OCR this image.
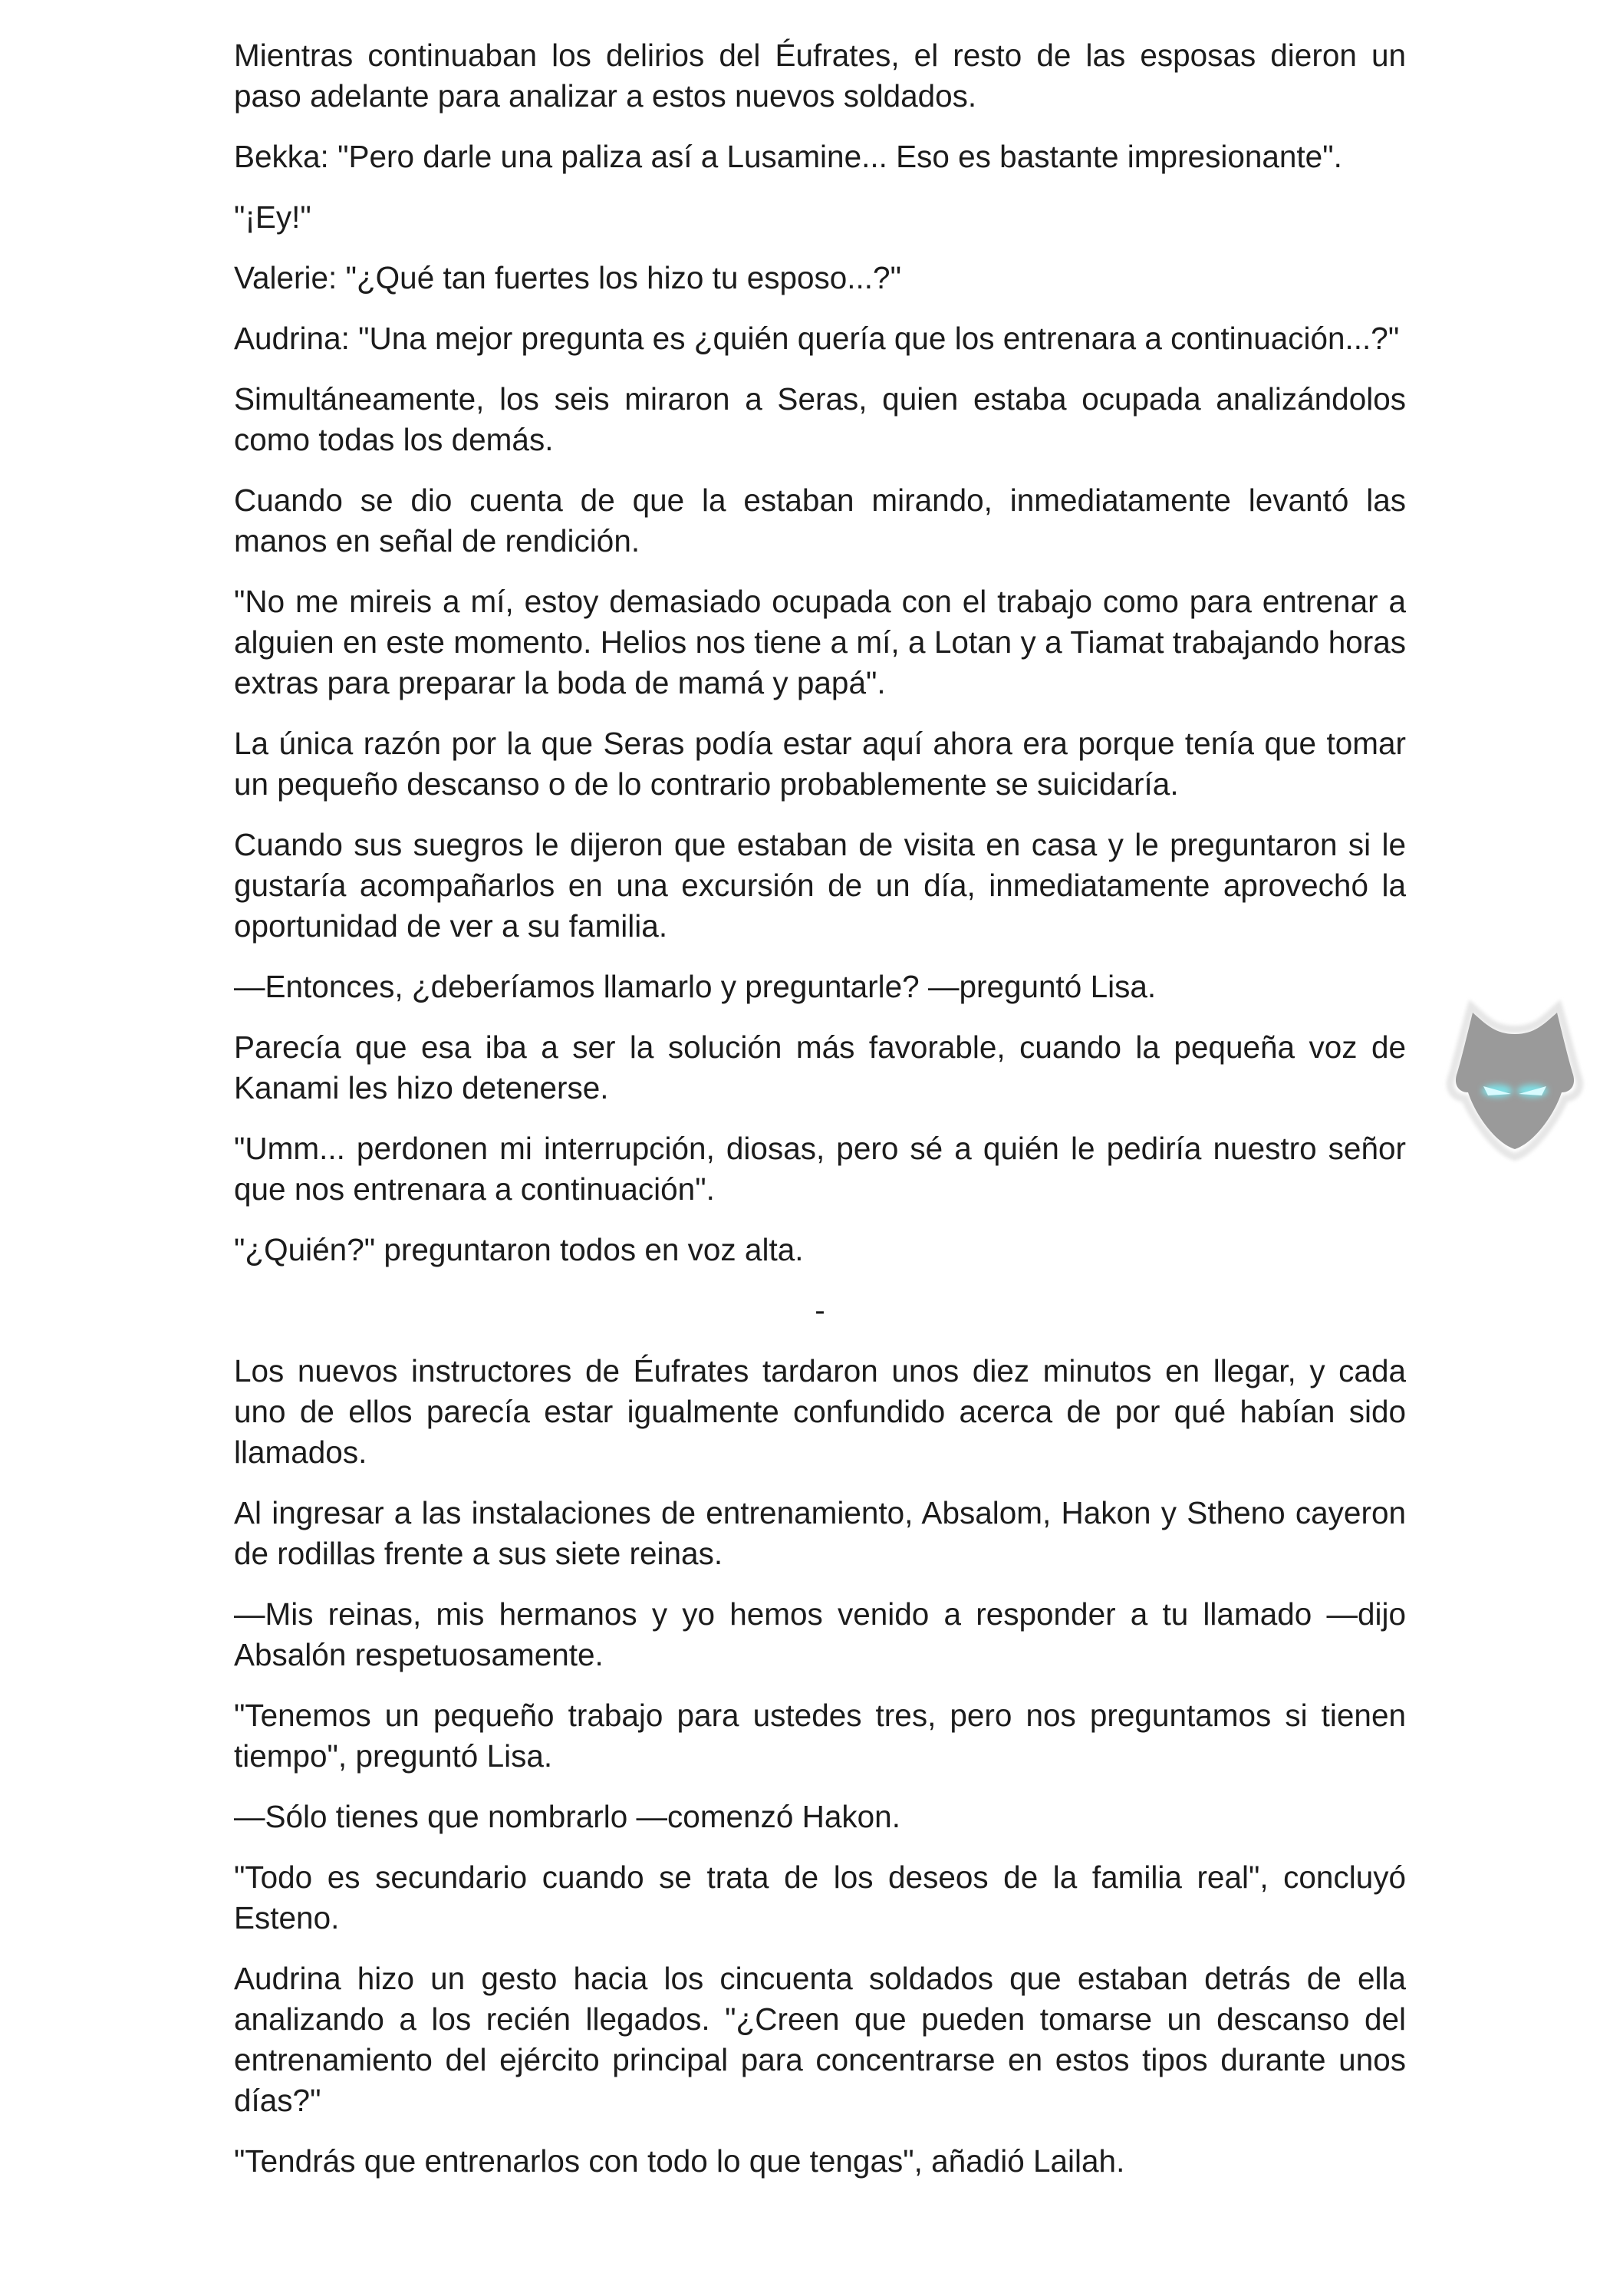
Mientras continuaban los delirios del Éufrates, el resto de las esposas dieron un paso adelante para analizar a estos nuevos soldados.

Bekka: "Pero darle una paliza así a Lusamine... Eso es bastante impresionante".

"¡Ey!"

Valerie: "¿Qué tan fuertes los hizo tu esposo...?"

Audrina: "Una mejor pregunta es ¿quién quería que los entrenara a continuación...?"

Simultáneamente, los seis miraron a Seras, quien estaba ocupada analizándolos como todas los demás.

Cuando se dio cuenta de que la estaban mirando, inmediatamente levantó las manos en señal de rendición.

"No me mireis a mí, estoy demasiado ocupada con el trabajo como para entrenar a alguien en este momento. Helios nos tiene a mí, a Lotan y a Tiamat trabajando horas extras para preparar la boda de mamá y papá".

La única razón por la que Seras podía estar aquí ahora era porque tenía que tomar un pequeño descanso o de lo contrario probablemente se suicidaría.

Cuando sus suegros le dijeron que estaban de visita en casa y le preguntaron si le gustaría acompañarlos en una excursión de un día, inmediatamente aprovechó la oportunidad de ver a su familia.

—Entonces, ¿deberíamos llamarlo y preguntarle? —preguntó Lisa.

Parecía que esa iba a ser la solución más favorable, cuando la pequeña voz de Kanami les hizo detenerse.

"Umm... perdonen mi interrupción, diosas, pero sé a quién le pediría nuestro señor que nos entrenara a continuación".

"¿Quién?" preguntaron todos en voz alta.

-

Los nuevos instructores de Éufrates tardaron unos diez minutos en llegar, y cada uno de ellos parecía estar igualmente confundido acerca de por qué habían sido llamados.

Al ingresar a las instalaciones de entrenamiento, Absalom, Hakon y Stheno cayeron de rodillas frente a sus siete reinas.

—Mis reinas, mis hermanos y yo hemos venido a responder a tu llamado —dijo Absalón respetuosamente.

"Tenemos un pequeño trabajo para ustedes tres, pero nos preguntamos si tienen tiempo", preguntó Lisa.

—Sólo tienes que nombrarlo —comenzó Hakon.

"Todo es secundario cuando se trata de los deseos de la familia real", concluyó Esteno.

Audrina hizo un gesto hacia los cincuenta soldados que estaban detrás de ella analizando a los recién llegados. "¿Creen que pueden tomarse un descanso del entrenamiento del ejército principal para concentrarse en estos tipos durante unos días?"

"Tendrás que entrenarlos con todo lo que tengas", añadió Lailah.
